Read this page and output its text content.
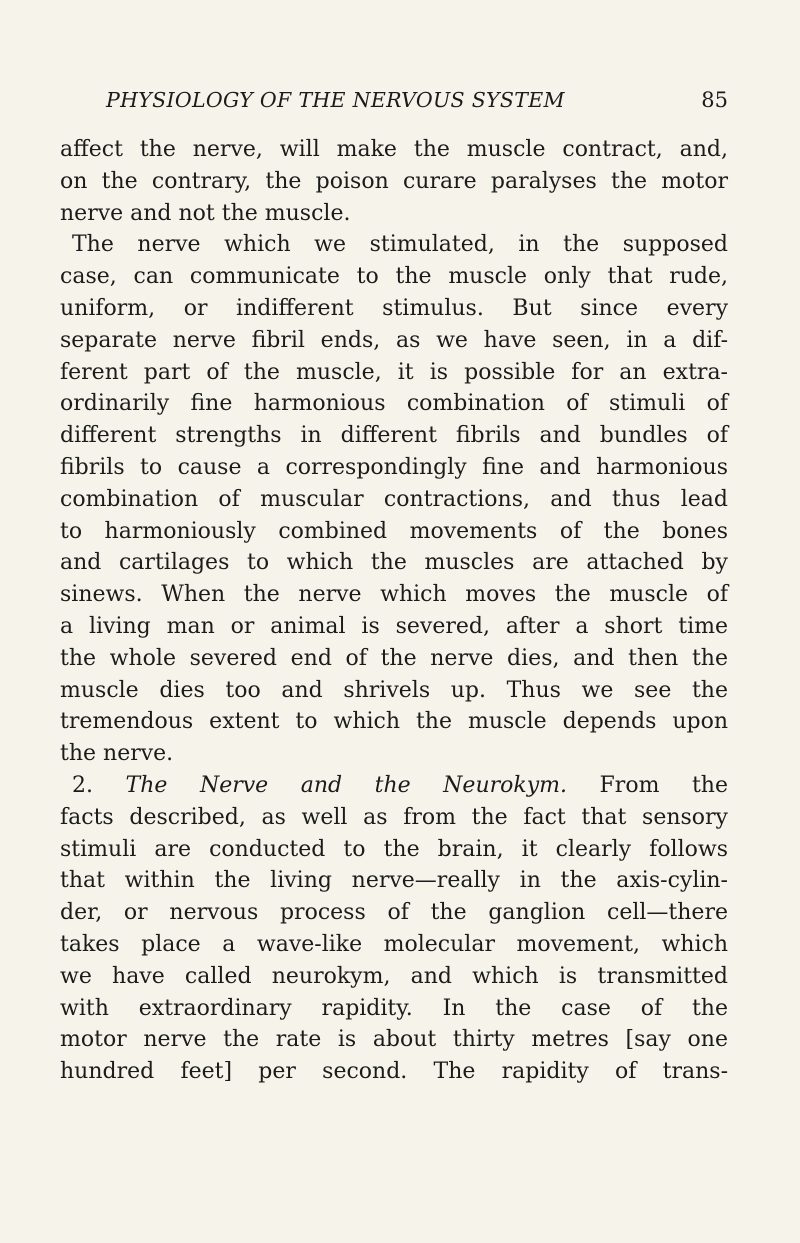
PHYSIOLOGY OF THE NERVOUS SYSTEM	85
affect the nerve, will make the muscle contract, and,
on the contrary, the poison curare paralyses the motor
nerve and not the muscle.
The nerve which we stimulated, in the supposed
case, can communicate to the muscle only that rude,
uniform, or indifferent stimulus. But since every
separate nerve fibril ends, as we have seen, in a dif-
ferent part of the muscle, it is possible for an extra-
ordinarily fine harmonious combination of stimuli of
different strengths in different fibrils and bundles of
fibrils to cause a correspondingly fine and harmonious
combination of muscular contractions, and thus lead
to harmoniously combined movements of the bones
and cartilages to which the muscles are attached by
sinews. When the nerve which moves the muscle of
a living man or animal is severed, after a short time
the whole severed end of the nerve dies, and then the
muscle dies too and shrivels up. Thus we see the
tremendous extent to which the muscle depends upon
the nerve.
2. The Nerve and the Neurokym. From the
facts described, as well as from the fact that sensory
stimuli are conducted to the brain, it clearly follows
that within the living nerve—really in the axis-cylin-
der, or nervous process of the ganglion cell—there
takes place a wave-like molecular movement, which
we have called neurokym, and which is transmitted
with extraordinary rapidity. In the case of the
motor nerve the rate is about thirty metres [say one
hundred feet] per second. The rapidity of trans-
